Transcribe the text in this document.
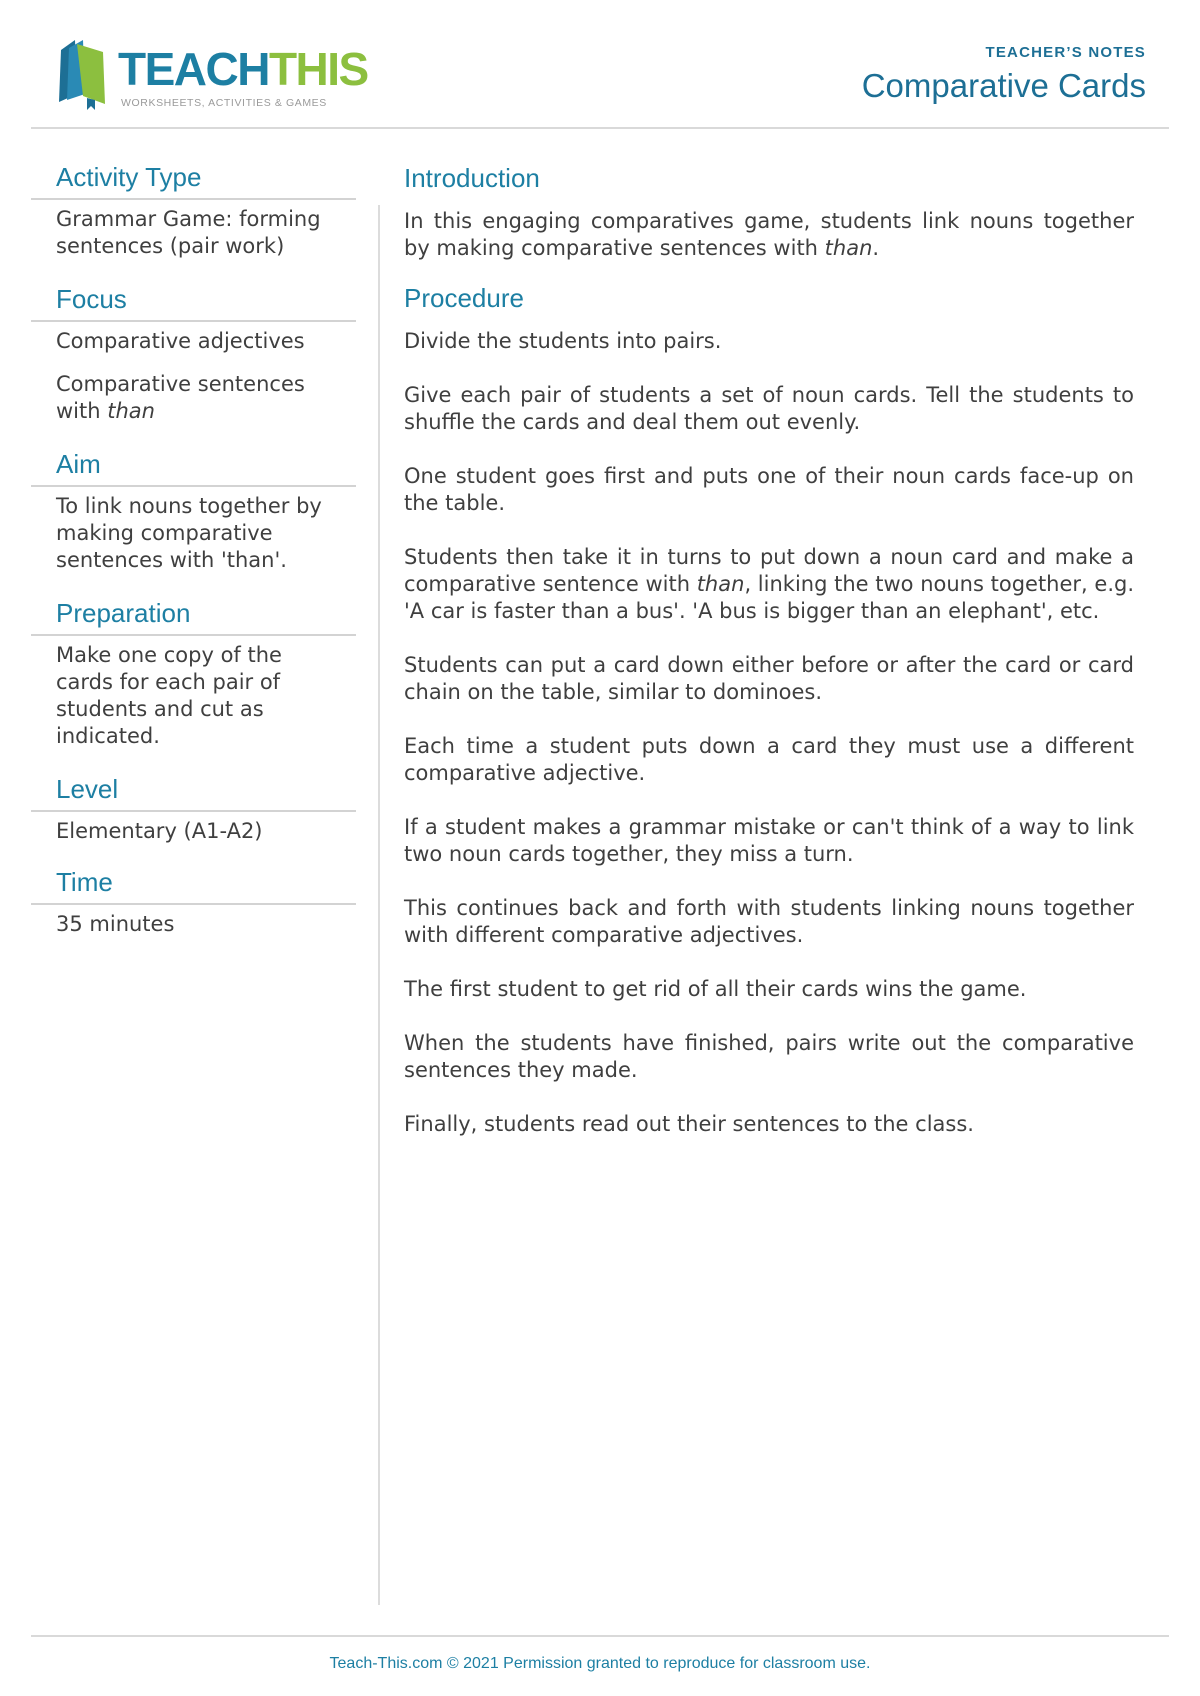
TEACHTHIS
WORKSHEETS, ACTIVITIES & GAMES
TEACHER’S NOTES
Comparative Cards
Activity Type

Grammar Game: forming sentences (pair work)

Focus

Comparative adjectives

Comparative sentences with than

Aim

To link nouns together by making comparative sentences with 'than'.

Preparation

Make one copy of the cards for each pair of students and cut as indicated.

Level

Elementary (A1-A2)

Time

35 minutes

Introduction

In this engaging comparatives game, students link nouns together by making comparative sentences with than.

Procedure

Divide the students into pairs.

Give each pair of students a set of noun cards. Tell the students to shuffle the cards and deal them out evenly.

One student goes first and puts one of their noun cards face-up on the table.

Students then take it in turns to put down a noun card and make a comparative sentence with than, linking the two nouns together, e.g. 'A car is faster than a bus'. 'A bus is bigger than an elephant', etc.

Students can put a card down either before or after the card or card chain on the table, similar to dominoes.

Each time a student puts down a card they must use a different comparative adjective.

If a student makes a grammar mistake or can't think of a way to link two noun cards together, they miss a turn.

This continues back and forth with students linking nouns together with different comparative adjectives.

The first student to get rid of all their cards wins the game.

When the students have finished, pairs write out the comparative sentences they made.

Finally, students read out their sentences to the class.

Teach-This.com © 2021 Permission granted to reproduce for classroom use.
